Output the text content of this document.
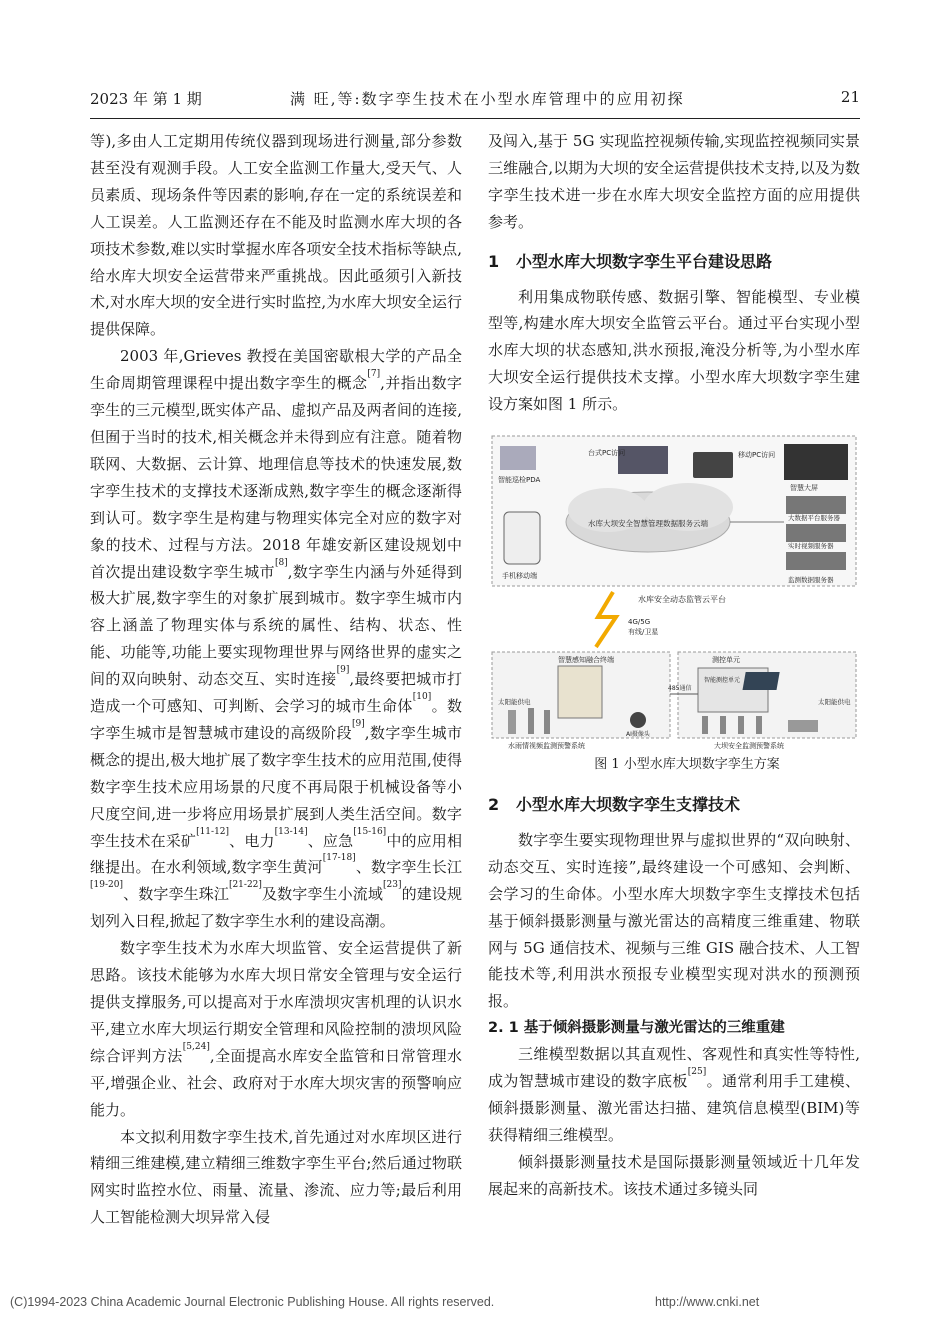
2023 年 第 1 期	满 旺,等:数字孪生技术在小型水库管理中的应用初探	21

等),多由人工定期用传统仪器到现场进行测量,部分参数甚至没有观测手段。人工安全监测工作量大,受天气、人员素质、现场条件等因素的影响,存在一定的系统误差和人工误差。人工监测还存在不能及时监测水库大坝的各项技术参数,难以实时掌握水库各项安全技术指标等缺点,给水库大坝安全运营带来严重挑战。因此亟须引入新技术,对水库大坝的安全进行实时监控,为水库大坝安全运行提供保障。

2003 年,Grieves 教授在美国密歇根大学的产品全生命周期管理课程中提出数字孪生的概念[7],并指出数字孪生的三元模型,既实体产品、虚拟产品及两者间的连接,但囿于当时的技术,相关概念并未得到应有注意。随着物联网、大数据、云计算、地理信息等技术的快速发展,数字孪生技术的支撑技术逐渐成熟,数字孪生的概念逐渐得到认可。数字孪生是构建与物理实体完全对应的数字对象的技术、过程与方法。2018 年雄安新区建设规划中首次提出建设数字孪生城市[8],数字孪生内涵与外延得到极大扩展,数字孪生的对象扩展到城市。数字孪生城市内容上涵盖了物理实体与系统的属性、结构、状态、性能、功能等,功能上要实现物理世界与网络世界的虚实之间的双向映射、动态交互、实时连接[9],最终要把城市打造成一个可感知、可判断、会学习的城市生命体[10]。数字孪生城市是智慧城市建设的高级阶段[9],数字孪生城市概念的提出,极大地扩展了数字孪生技术的应用范围,使得数字孪生技术应用场景的尺度不再局限于机械设备等小尺度空间,进一步将应用场景扩展到人类生活空间。数字孪生技术在采矿[11-12]、电力[13-14]、应急[15-16]中的应用相继提出。在水利领域,数字孪生黄河[17-18]、数字孪生长江[19-20]、数字孪生珠江[21-22]及数字孪生小流域[23]的建设规划列入日程,掀起了数字孪生水利的建设高潮。

数字孪生技术为水库大坝监管、安全运营提供了新思路。该技术能够为水库大坝日常安全管理与安全运行提供支撑服务,可以提高对于水库溃坝灾害机理的认识水平,建立水库大坝运行期安全管理和风险控制的溃坝风险综合评判方法[5,24],全面提高水库安全监管和日常管理水平,增强企业、社会、政府对于水库大坝灾害的预警响应能力。

本文拟利用数字孪生技术,首先通过对水库坝区进行精细三维建模,建立精细三维数字孪生平台;然后通过物联网实时监控水位、雨量、流量、渗流、应力等;最后利用人工智能检测大坝异常入侵

及闯入,基于 5G 实现监控视频传输,实现监控视频同实景三维融合,以期为大坝的安全运营提供技术支持,以及为数字孪生技术进一步在水库大坝安全监控方面的应用提供参考。

1 小型水库大坝数字孪生平台建设思路

利用集成物联传感、数据引擎、智能模型、专业模型等,构建水库大坝安全监管云平台。通过平台实现小型水库大坝的状态感知,洪水预报,淹没分析等,为小型水库大坝安全运行提供技术支撑。小型水库大坝数字孪生建设方案如图 1 所示。

水库大坝安全智慧管理数据服务云端
台式PC访问	移动PC访问
智能巡检PDA
手机移动端
智慧大屏
大数据平台服务器
实时视频服务器
监测数据服务器
水库安全动态监管云平台
4G/5G
有线/卫星
智慧感知融合终端
太阳能供电
AI摄像头
水雨情视频监测预警系统
测控单元
智能测控单元
太阳能供电
485通信
大坝安全监测预警系统

图 1 小型水库大坝数字孪生方案

2 小型水库大坝数字孪生支撑技术

数字孪生要实现物理世界与虚拟世界的“双向映射、动态交互、实时连接”,最终建设一个可感知、会判断、会学习的生命体。小型水库大坝数字孪生支撑技术包括基于倾斜摄影测量与激光雷达的高精度三维重建、物联网与 5G 通信技术、视频与三维 GIS 融合技术、人工智能技术等,利用洪水预报专业模型实现对洪水的预测预报。

2. 1 基于倾斜摄影测量与激光雷达的三维重建

三维模型数据以其直观性、客观性和真实性等特性,成为智慧城市建设的数字底板[25]。通常利用手工建模、倾斜摄影测量、激光雷达扫描、建筑信息模型(BIM)等获得精细三维模型。

倾斜摄影测量技术是国际摄影测量领域近十几年发展起来的高新技术。该技术通过多镜头同

(C)1994-2023 China Academic Journal Electronic Publishing House. All rights reserved.	http://www.cnki.net
